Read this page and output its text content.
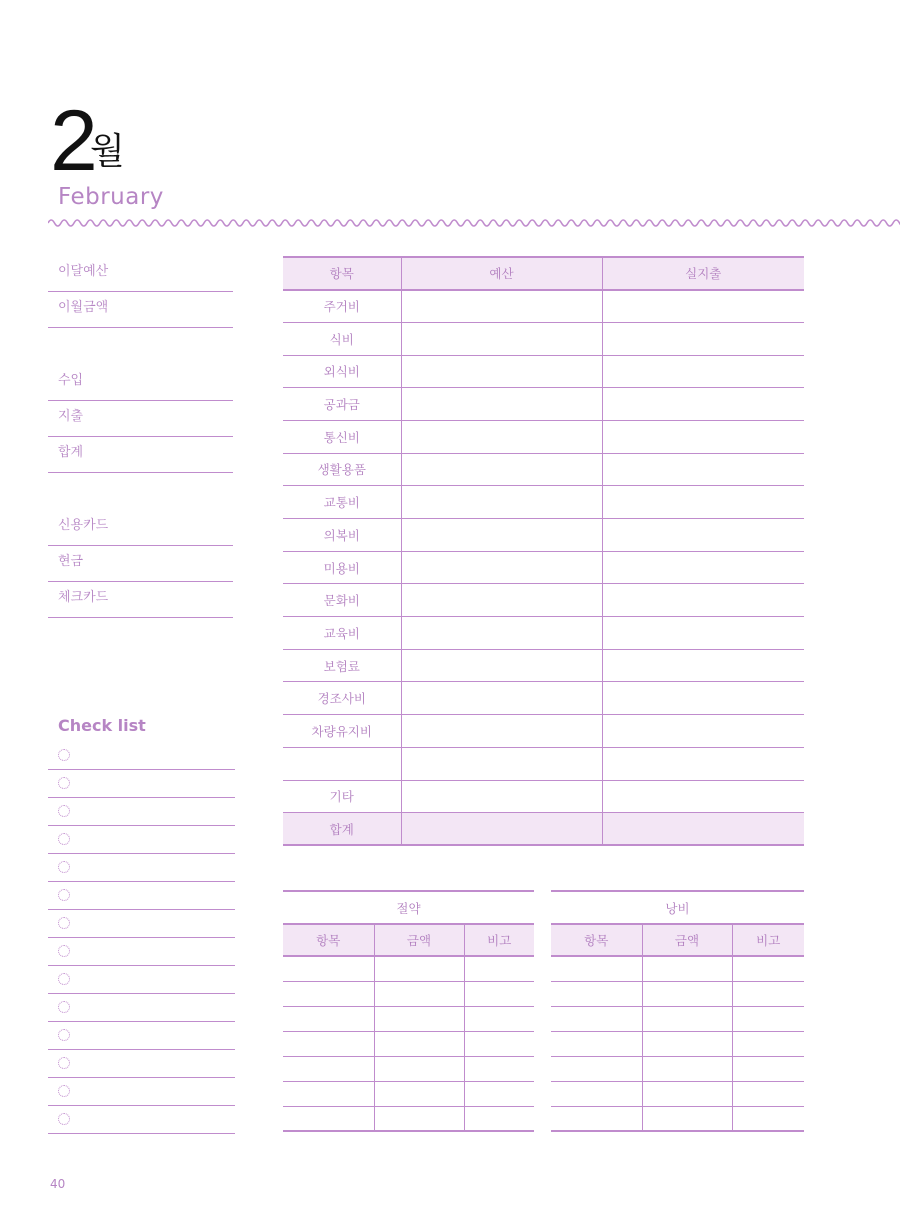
2
월
February
이달예산
이월금액
수입
지출
합계
신용카드
현금
체크카드
Check list
항목	예산	실지출
주거비		
식비		
외식비		
공과금		
통신비		
생활용품		
교통비		
의복비		
미용비		
문화비		
교육비		
보험료		
경조사비		
차량유지비		

기타		
합계		
절약		
항목	금액	비고

낭비		
항목	금액	비고

40
